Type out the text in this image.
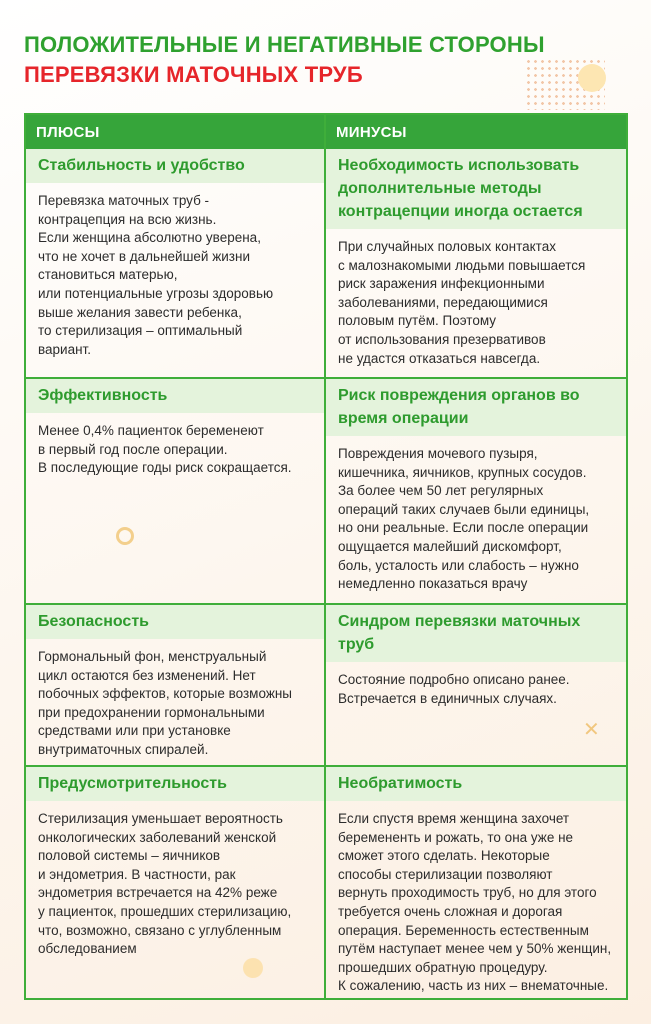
ПОЛОЖИТЕЛЬНЫЕ И НЕГАТИВНЫЕ СТОРОНЫ
ПЕРЕВЯЗКИ МАТОЧНЫХ ТРУБ
✕
ПЛЮСЫ	МИНУСЫ

Стабильность и удобство

Перевязка маточных труб -
контрацепция на всю жизнь.
Если женщина абсолютно уверена,
что не хочет в дальнейшей жизни
становиться матерью,
или потенциальные угрозы здоровью
выше желания завести ребенка,
то стерилизация – оптимальный
вариант.

Необходимость использовать дополнительные методы контрацепции иногда остается

При случайных половых контактах
с малознакомыми людьми повышается
риск заражения инфекционными
заболеваниями, передающимися
половым путём. Поэтому
от использования презервативов
не удастся отказаться навсегда.

Эффективность

Менее 0,4% пациенток беременеют
в первый год после операции.
В последующие годы риск сокращается.

Риск повреждения органов во время операции

Повреждения мочевого пузыря,
кишечника, яичников, крупных сосудов.
За более чем 50 лет регулярных
операций таких случаев были единицы,
но они реальные. Если после операции
ощущается малейший дискомфорт,
боль, усталость или слабость – нужно
немедленно показаться врачу

Безопасность

Гормональный фон, менструальный
цикл остаются без изменений. Нет
побочных эффектов, которые возможны
при предохранении гормональными
средствами или при установке
внутриматочных спиралей.

Синдром перевязки маточных труб

Состояние подробно описано ранее.
Встречается в единичных случаях.

Предусмотрительность

Стерилизация уменьшает вероятность
онкологических заболеваний женской
половой системы – яичников
и эндометрия. В частности, рак
эндометрия встречается на 42% реже
у пациенток, прошедших стерилизацию,
что, возможно, связано с углубленным
обследованием

Необратимость

Если спустя время женщина захочет
беремененть и рожать, то она уже не
сможет этого сделать. Некоторые
способы стерилизации позволяют
вернуть проходимость труб, но для этого
требуется очень сложная и дорогая
операция. Беременность естественным
путём наступает менее чем у 50% женщин,
прошедших обратную процедуру.
К сожалению, часть из них – внематочные.
